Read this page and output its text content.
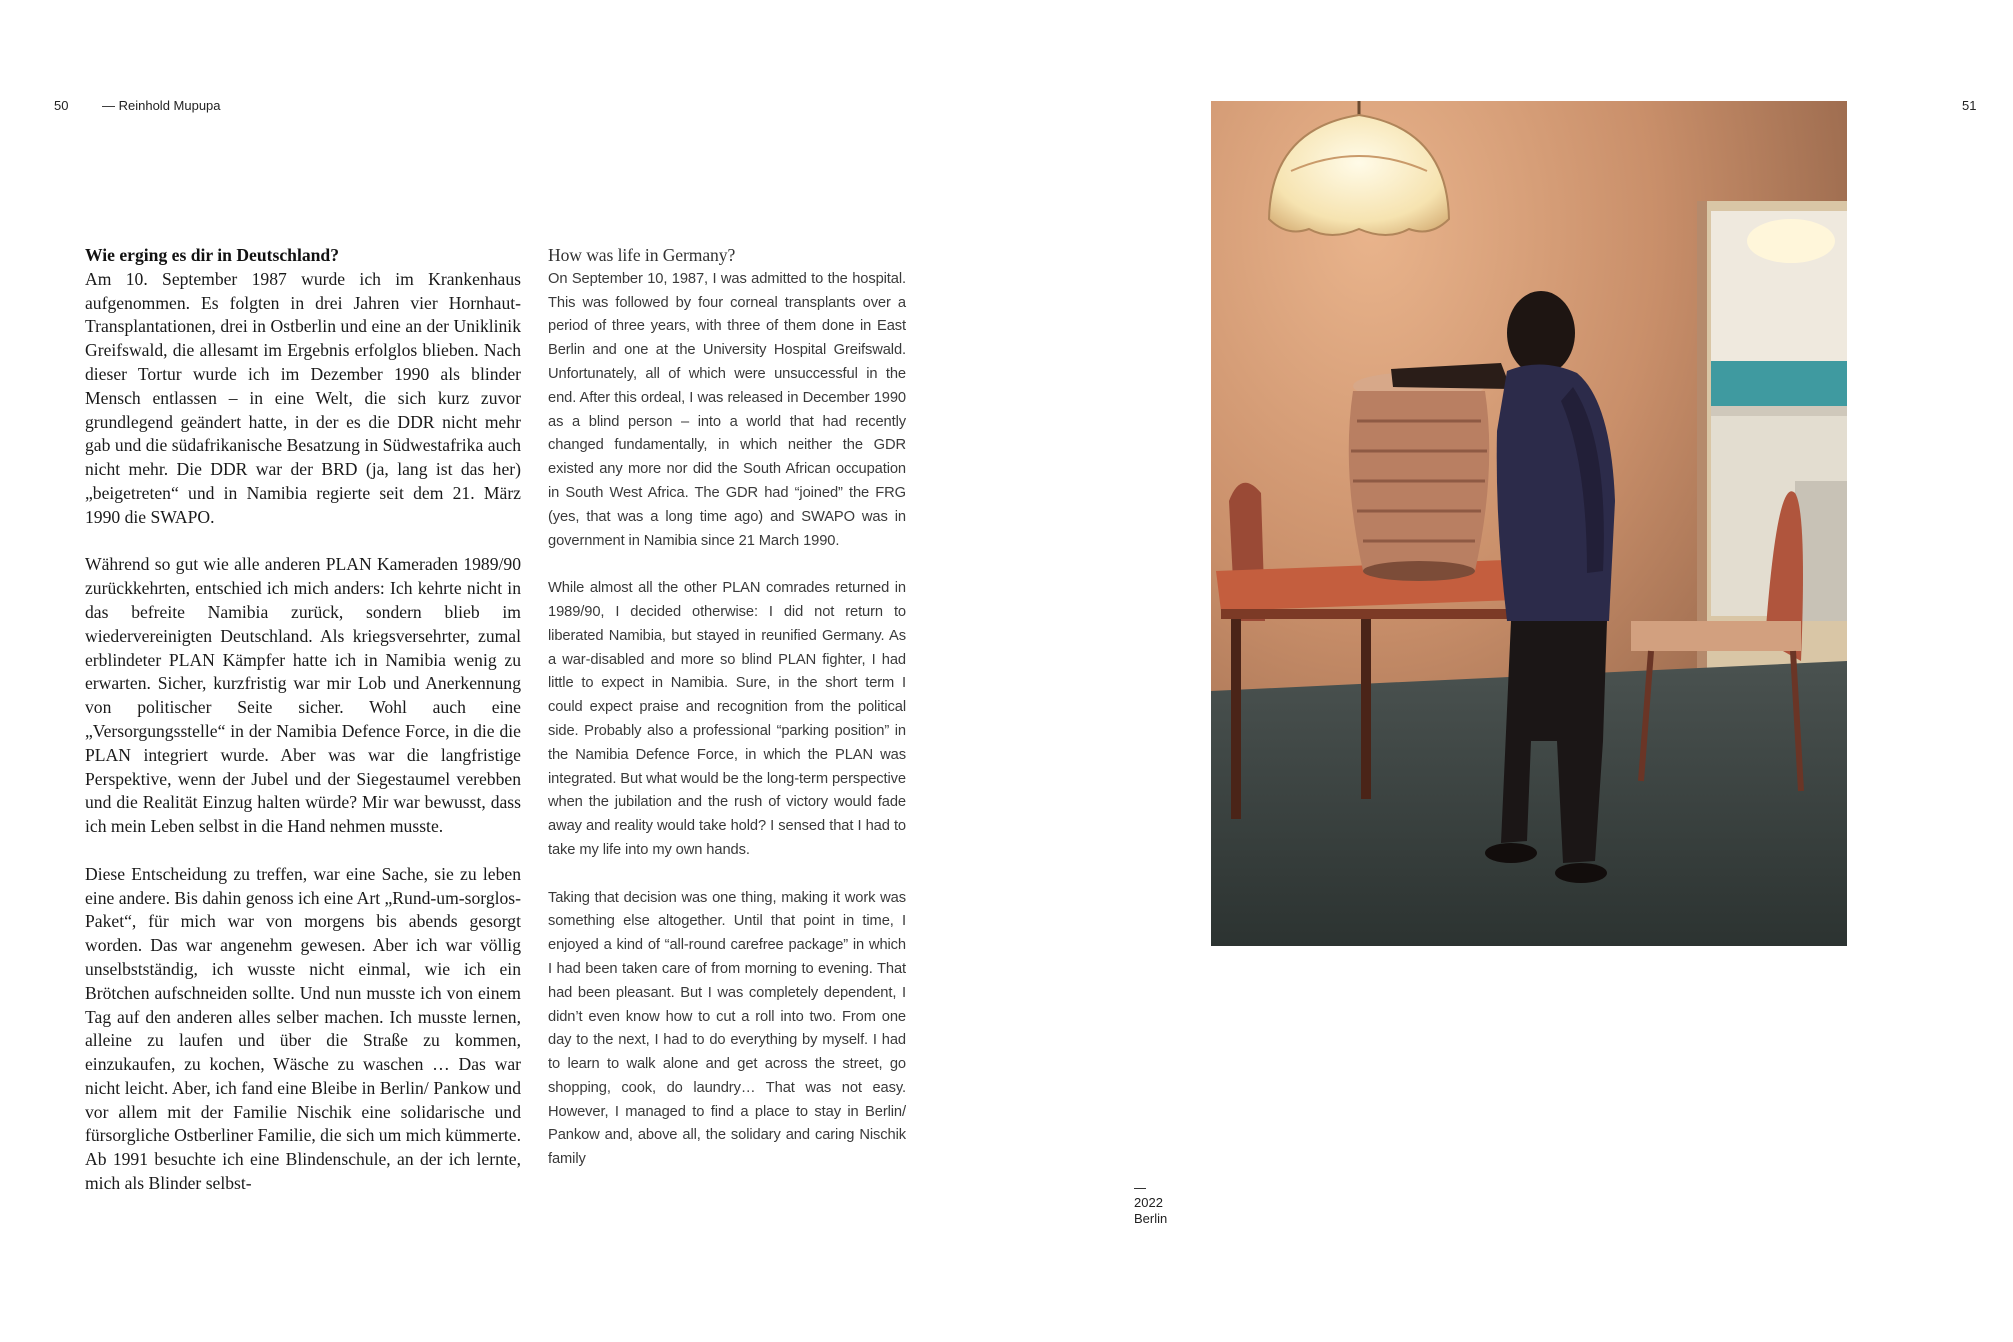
50	— Reinhold Mupupa	51
Wie erging es dir in Deutschland?

Am 10. September 1987 wurde ich im Krankenhaus aufgenommen. Es folgten in drei Jahren vier Hornhaut-Transplantationen, drei in Ostberlin und eine an der Uniklinik Greifswald, die allesamt im Ergebnis erfolglos blieben. Nach dieser Tortur wurde ich im Dezember 1990 als blinder Mensch entlassen – in eine Welt, die sich kurz zuvor grundlegend geändert hatte, in der es die DDR nicht mehr gab und die südafrikanische Besatzung in Südwestafrika auch nicht mehr. Die DDR war der BRD (ja, lang ist das her) „beigetreten“ und in Namibia regierte seit dem 21. März 1990 die SWAPO.

Während so gut wie alle anderen PLAN Kameraden 1989/90 zurückkehrten, entschied ich mich anders: Ich kehrte nicht in das befreite Namibia zurück, sondern blieb im wiedervereinigten Deutschland. Als kriegsversehrter, zumal erblindeter PLAN Kämpfer hatte ich in Namibia wenig zu erwarten. Sicher, kurzfristig war mir Lob und Anerkennung von politischer Seite sicher. Wohl auch eine „Versorgungsstelle“ in der Namibia Defence Force, in die die PLAN integriert wurde. Aber was war die langfristige Perspektive, wenn der Jubel und der Siegestaumel verebben und die Realität Einzug halten würde? Mir war bewusst, dass ich mein Leben selbst in die Hand nehmen musste.

Diese Entscheidung zu treffen, war eine Sache, sie zu leben eine andere. Bis dahin genoss ich eine Art „Rund-um-sorglos-Paket“, für mich war von morgens bis abends gesorgt worden. Das war angenehm gewesen. Aber ich war völlig unselbstständig, ich wusste nicht einmal, wie ich ein Brötchen aufschneiden sollte. Und nun musste ich von einem Tag auf den anderen alles selber machen. Ich musste lernen, alleine zu laufen und über die Straße zu kommen, einzukaufen, zu kochen, Wäsche zu waschen … Das war nicht leicht. Aber, ich fand eine Bleibe in Berlin/ Pankow und vor allem mit der Familie Nischik eine solidarische und fürsorgliche Ostberliner Familie, die sich um mich kümmerte. Ab 1991 besuchte ich eine Blindenschule, an der ich lernte, mich als Blinder selbst-

How was life in Germany?

On September 10, 1987, I was admitted to the hospital. This was followed by four corneal transplants over a period of three years, with three of them done in East Berlin and one at the University Hospital Greifswald. Unfortunately, all of which were unsuccessful in the end. After this ordeal, I was released in December 1990 as a blind person – into a world that had recently changed fundamentally, in which neither the GDR existed any more nor did the South African occupation in South West Africa. The GDR had “joined” the FRG (yes, that was a long time ago) and SWAPO was in government in Namibia since 21 March 1990.

While almost all the other PLAN comrades returned in 1989/90, I decided otherwise: I did not return to liberated Namibia, but stayed in reunified Germany. As a war-disabled and more so blind PLAN fighter, I had little to expect in Namibia. Sure, in the short term I could expect praise and recognition from the political side. Probably also a professional “parking position” in the Namibia Defence Force, in which the PLAN was integrated. But what would be the long-term perspective when the jubilation and the rush of victory would fade away and reality would take hold? I sensed that I had to take my life into my own hands.

Taking that decision was one thing, making it work was something else altogether. Until that point in time, I enjoyed a kind of “all-round carefree package” in which I had been taken care of from morning to evening. That had been pleasant. But I was completely dependent, I didn’t even know how to cut a roll into two. From one day to the next, I had to do everything by myself. I had to learn to walk alone and get across the street, go shopping, cook, do laundry… That was not easy. However, I managed to find a place to stay in Berlin/ Pankow and, above all, the solidary and caring Nischik family

2022
Berlin
